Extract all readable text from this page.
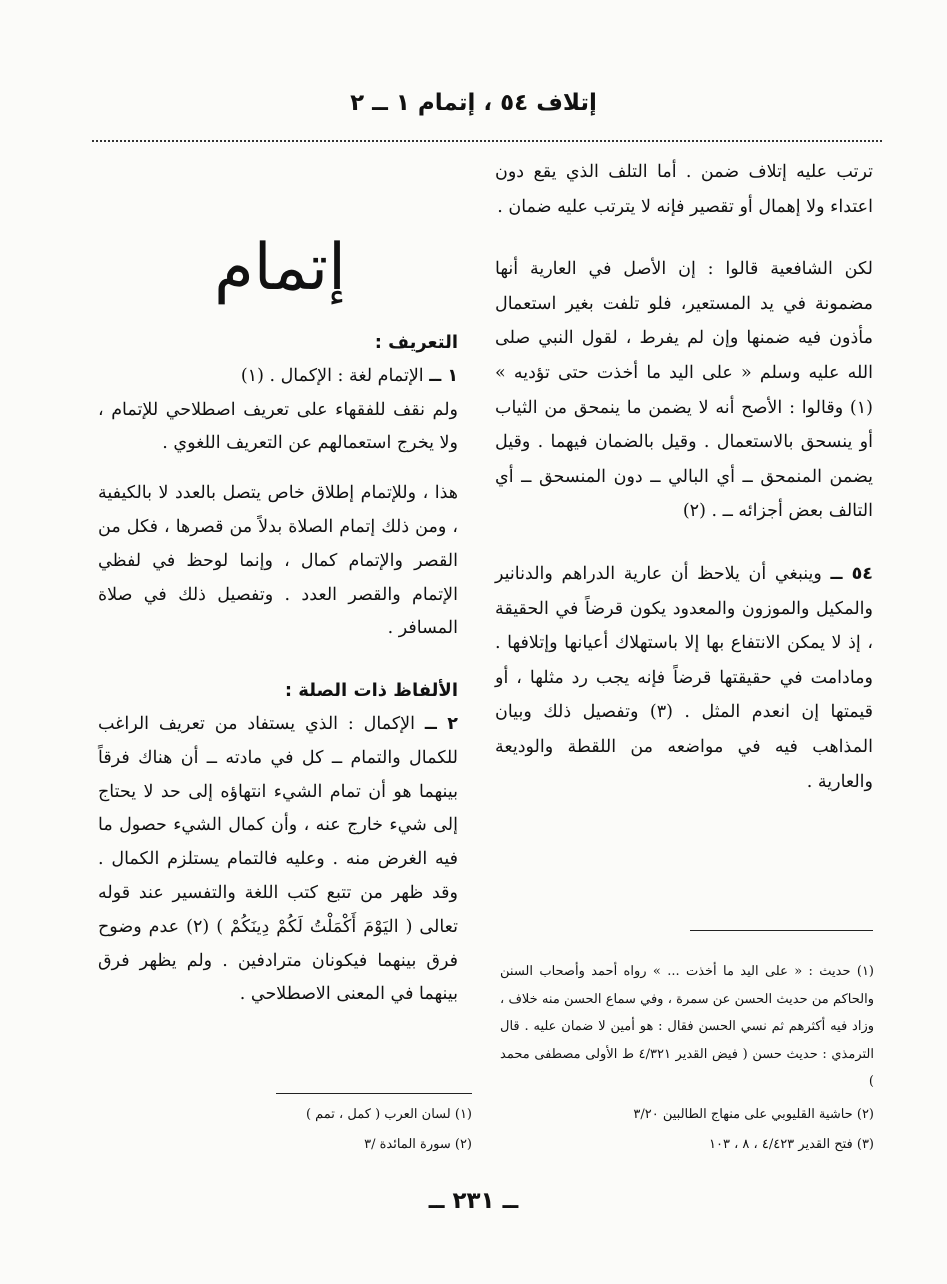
إتلاف ٥٤ ، إتمام ١ ــ ٢

ترتب عليه إتلاف ضمن . أما التلف الذي يقع دون اعتداء ولا إهمال أو تقصير فإنه لا يترتب عليه ضمان .

لكن الشافعية قالوا : إن الأصل في العارية أنها مضمونة في يد المستعير، فلو تلفت بغير استعمال مأذون فيه ضمنها وإن لم يفرط ، لقول النبي صلى الله عليه وسلم « على اليد ما أخذت حتى تؤديه » (١) وقالوا : الأصح أنه لا يضمن ما ينمحق من الثياب أو ينسحق بالاستعمال . وقيل بالضمان فيهما . وقيل يضمن المنمحق ــ أي البالي ــ دون المنسحق ــ أي التالف بعض أجزائه ــ . (٢)

٥٤ ــ وينبغي أن يلاحظ أن عارية الدراهم والدنانير والمكيل والموزون والمعدود يكون قرضاً في الحقيقة ، إذ لا يمكن الانتفاع بها إلا باستهلاك أعيانها وإتلافها . ومادامت في حقيقتها قرضاً فإنه يجب رد مثلها ، أو قيمتها إن انعدم المثل . (٣) وتفصيل ذلك وبيان المذاهب فيه في مواضعه من اللقطة والوديعة والعارية .

إتمام

التعريف :

١ ــ الإتمام لغة : الإكمال . (١)

ولم نقف للفقهاء على تعريف اصطلاحي للإتمام ، ولا يخرج استعمالهم عن التعريف اللغوي .

هذا ، وللإتمام إطلاق خاص يتصل بالعدد لا بالكيفية ، ومن ذلك إتمام الصلاة بدلاً من قصرها ، فكل من القصر والإتمام كمال ، وإنما لوحظ في لفظي الإتمام والقصر العدد . وتفصيل ذلك في صلاة المسافر .

الألفاظ ذات الصلة :

٢ ــ الإكمال : الذي يستفاد من تعريف الراغب للكمال والتمام ــ كل في مادته ــ أن هناك فرقاً بينهما هو أن تمام الشيء انتهاؤه إلى حد لا يحتاج إلى شيء خارج عنه ، وأن كمال الشيء حصول ما فيه الغرض منه . وعليه فالتمام يستلزم الكمال . وقد ظهر من تتبع كتب اللغة والتفسير عند قوله تعالى ( اليَوْمَ أَكْمَلْتُ لَكُمْ دِينَكُمْ ) (٢) عدم وضوح فرق بينهما فيكونان مترادفين . ولم يظهر فرق بينهما في المعنى الاصطلاحي .

(١) حديث : « على اليد ما أخذت ... » رواه أحمد وأصحاب السنن والحاكم من حديث الحسن عن سمرة ، وفي سماع الحسن منه خلاف ، وزاد فيه أكثرهم ثم نسي الحسن فقال : هو أمين لا ضمان عليه . قال الترمذي : حديث حسن ( فيض القدير ٤/٣٢١ ط الأولى مصطفى محمد )

(٢) حاشية القليوبي على منهاج الطالبين ٣/٢٠

(٣) فتح القدير ٤/٤٢٣ ، ٨ ، ١٠٣

(١) لسان العرب ( كمل ، تمم )

(٢) سورة المائدة /٣

ــ ٢٣١ ــ
